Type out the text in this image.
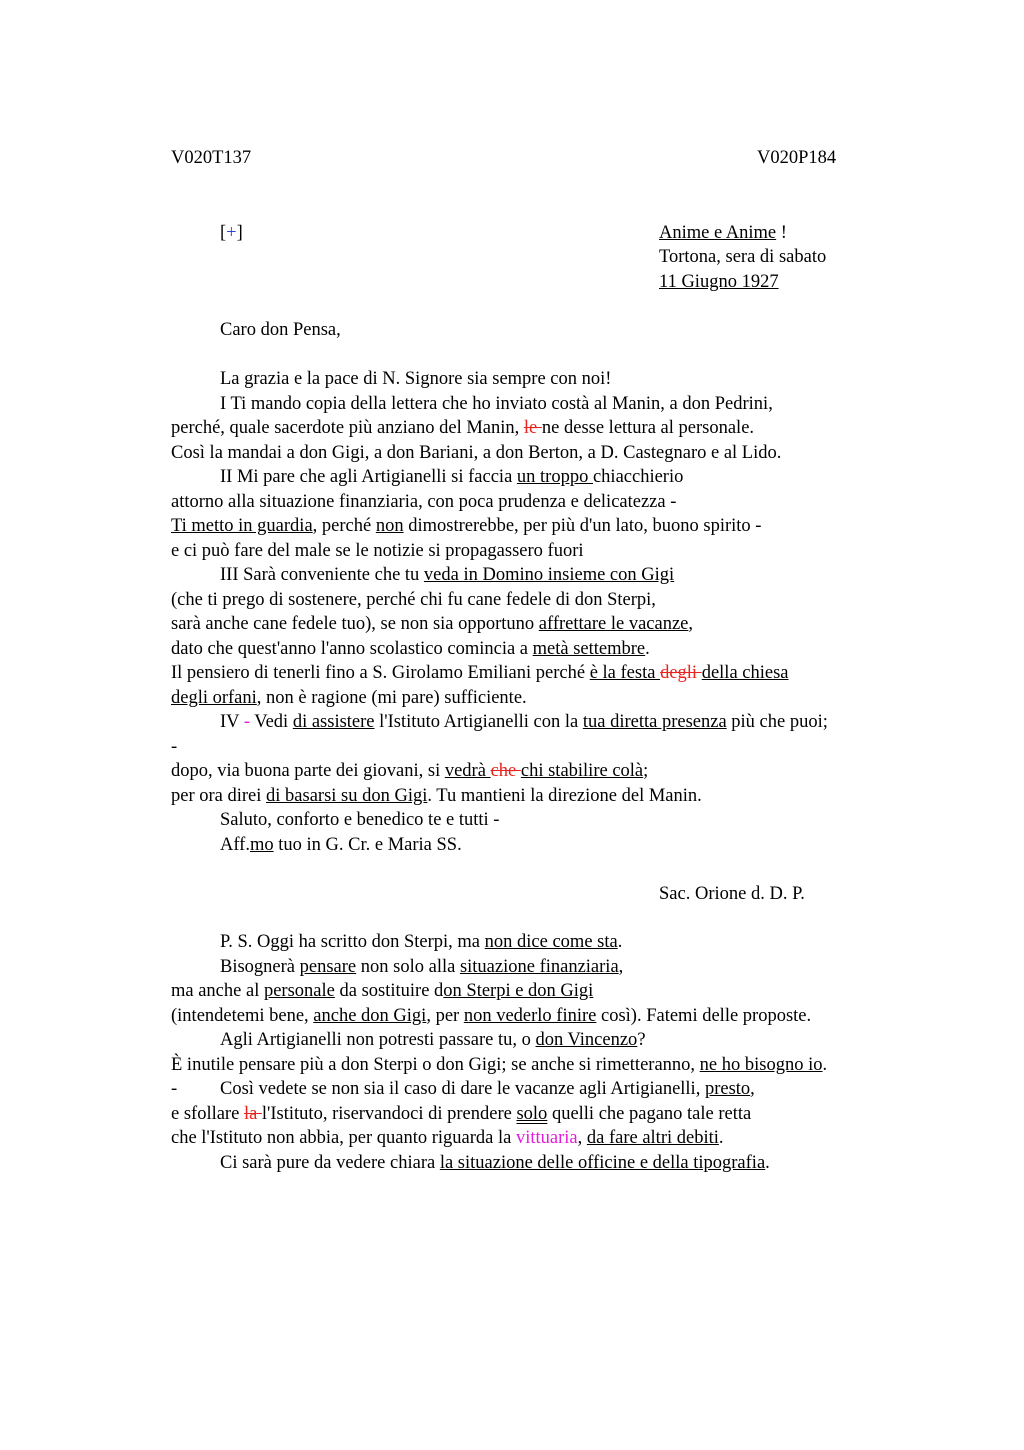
V020T137	V020P184
[+]	Anime e Anime !
Tortona, sera di sabato
11 Giugno 1927
Caro don Pensa,
La grazia e la pace di N. Signore sia sempre con noi!
I Ti mando copia della lettera che ho inviato costà al Manin, a don Pedrini,
perché, quale sacerdote più anziano del Manin, le ne desse lettura al personale.
Così la mandai a don Gigi, a don Bariani, a don Berton, a D. Castegnaro e al Lido.
II Mi pare che agli Artigianelli si faccia un troppo chiacchierio
attorno alla situazione finanziaria, con poca prudenza e delicatezza -
Ti metto in guardia, perché non dimostrerebbe, per più d'un lato, buono spirito -
e ci può fare del male se le notizie si propagassero fuori
III Sarà conveniente che tu veda in Domino insieme con Gigi
(che ti prego di sostenere, perché chi fu cane fedele di don Sterpi,
sarà anche cane fedele tuo), se non sia opportuno affrettare le vacanze,
dato che quest'anno l'anno scolastico comincia a metà settembre.
Il pensiero di tenerli fino a S. Girolamo Emiliani perché è la festa degli della chiesa
degli orfani, non è ragione (mi pare) sufficiente.
IV - Vedi di assistere l'Istituto Artigianelli con la tua diretta presenza più che puoi;
-
dopo, via buona parte dei giovani, si vedrà che chi stabilire colà;
per ora direi di basarsi su don Gigi. Tu mantieni la direzione del Manin.
Saluto, conforto e benedico te e tutti -
Aff.mo tuo in G. Cr. e Maria SS.
Sac. Orione d. D. P.
P. S. Oggi ha scritto don Sterpi, ma non dice come sta.
Bisognerà pensare non solo alla situazione finanziaria,
ma anche al personale da sostituire don Sterpi e don Gigi
(intendetemi bene, anche don Gigi, per non vederlo finire così). Fatemi delle proposte.
Agli Artigianelli non potresti passare tu, o don Vincenzo?
È inutile pensare più a don Sterpi o don Gigi; se anche si rimetteranno, ne ho bisogno io.
- Così vedete se non sia il caso di dare le vacanze agli Artigianelli, presto,
e sfollare la l'Istituto, riservandoci di prendere solo quelli che pagano tale retta
che l'Istituto non abbia, per quanto riguarda la vittuaria, da fare altri debiti.
Ci sarà pure da vedere chiara la situazione delle officine e della tipografia.
